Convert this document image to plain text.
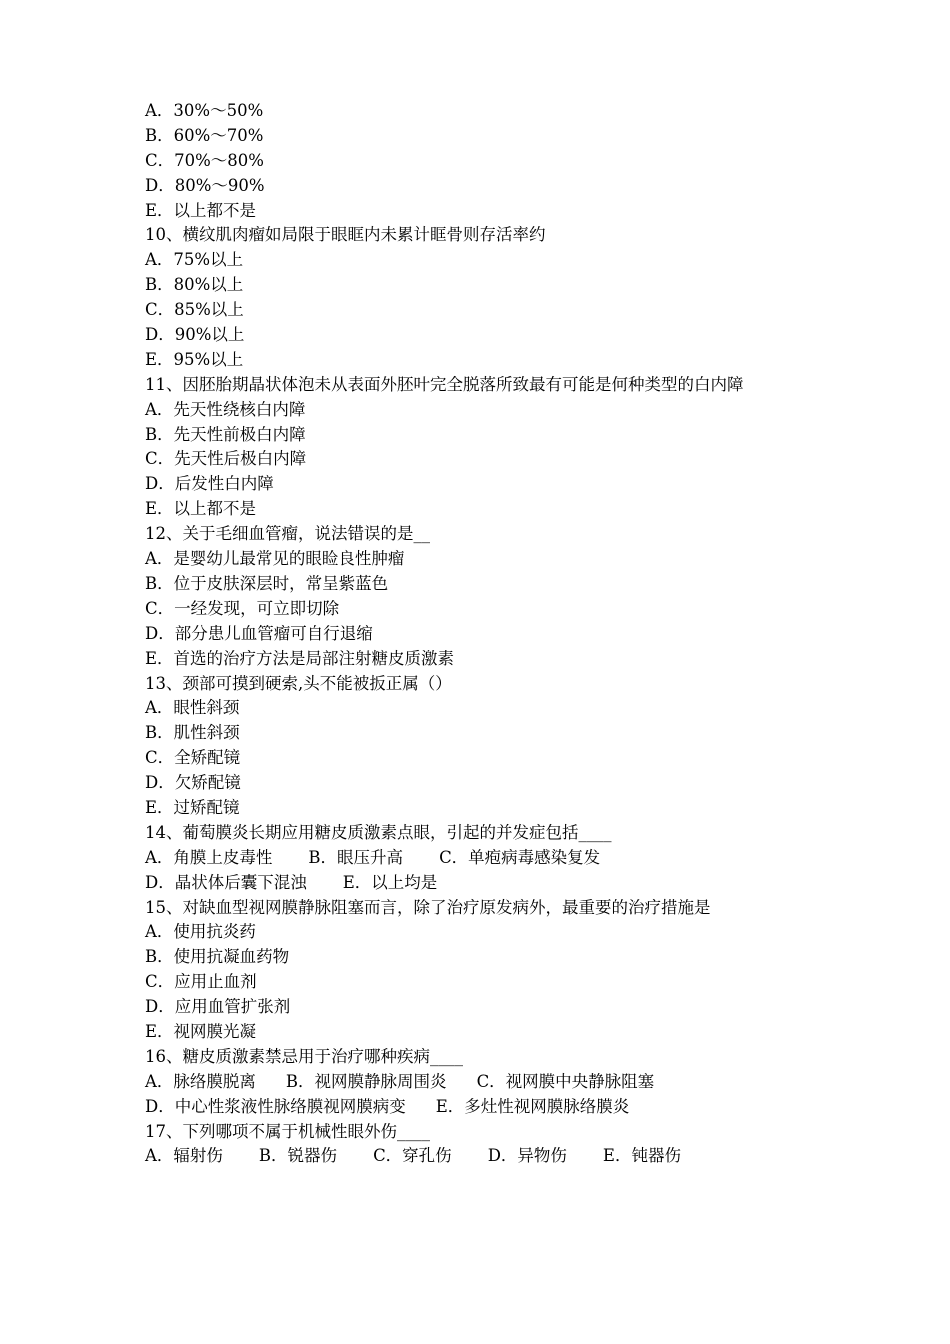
A．30%～50%
B．60%～70%
C．70%～80%
D．80%～90%
E．以上都不是
10、横纹肌肉瘤如局限于眼眶内未累计眶骨则存活率约
A．75%以上
B．80%以上
C．85%以上
D．90%以上
E．95%以上
11、因胚胎期晶状体泡未从表面外胚叶完全脱落所致最有可能是何种类型的白内障
A．先天性绕核白内障
B．先天性前极白内障
C．先天性后极白内障
D．后发性白内障
E．以上都不是
12、关于毛细血管瘤，说法错误的是__
A．是婴幼儿最常见的眼睑良性肿瘤
B．位于皮肤深层时，常呈紫蓝色
C．一经发现，可立即切除
D．部分患儿血管瘤可自行退缩
E．首选的治疗方法是局部注射糖皮质激素
13、颈部可摸到硬索,头不能被扳正属（）
A．眼性斜颈
B．肌性斜颈
C．全矫配镜
D．欠矫配镜
E．过矫配镜
14、葡萄膜炎长期应用糖皮质激素点眼，引起的并发症包括____
A．角膜上皮毒性 B．眼压升高 C．单疱病毒感染复发D．晶状体后囊下混浊 E．以上均是
15、对缺血型视网膜静脉阻塞而言，除了治疗原发病外，最重要的治疗措施是
A．使用抗炎药
B．使用抗凝血药物
C．应用止血剂
D．应用血管扩张剂
E．视网膜光凝
16、糖皮质激素禁忌用于治疗哪种疾病____
A．脉络膜脱离 B．视网膜静脉周围炎 C．视网膜中央静脉阻塞D．中心性浆液性脉络膜视网膜病变 E．多灶性视网膜脉络膜炎
17、下列哪项不属于机械性眼外伤____
A．辐射伤 B．锐器伤 C．穿孔伤 D．异物伤 E．钝器伤
